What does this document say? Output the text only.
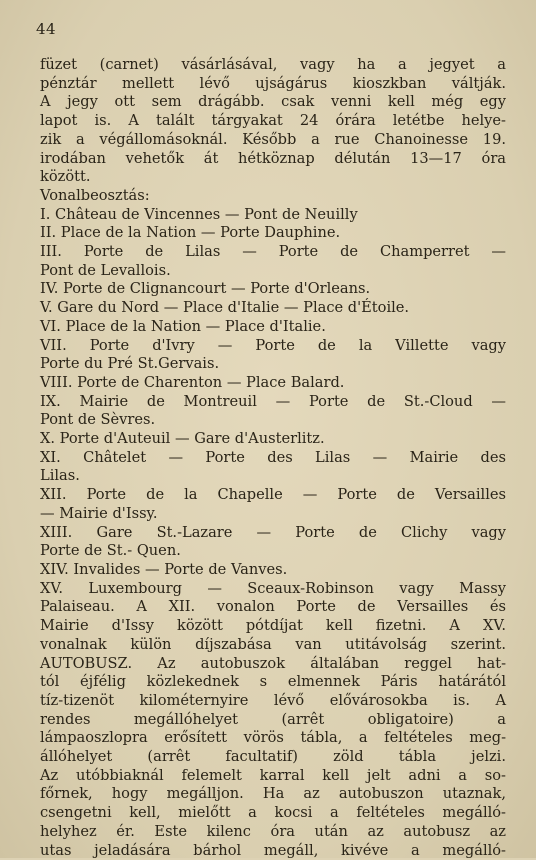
44
füzet (carnet) vásárlásával, vagy ha a jegyet a
pénztár mellett lévő ujságárus kioszkban váltják.
A jegy ott sem drágább. csak venni kell még egy
lapot is. A talált tárgyakat 24 órára letétbe helye-
zik a végállomásoknál. Később a rue Chanoinesse 19.
irodában vehetők át hétköznap délután 13—17 óra
között.
Vonalbeosztás:
I. Château de Vincennes — Pont de Neuilly
II. Place de la Nation — Porte Dauphine.
III. Porte de Lilas — Porte de Champerret —
Pont de Levallois.
IV. Porte de Clignancourt — Porte d'Orleans.
V. Gare du Nord — Place d'Italie — Place d'Étoile.
VI. Place de la Nation — Place d'Italie.
VII. Porte d'Ivry — Porte de la Villette vagy
Porte du Pré St.Gervais.
VIII. Porte de Charenton — Place Balard.
IX. Mairie de Montreuil — Porte de St.-Cloud —
Pont de Sèvres.
X. Porte d'Auteuil — Gare d'Austerlitz.
XI. Châtelet — Porte des Lilas — Mairie des
Lilas.
XII. Porte de la Chapelle — Porte de Versailles
— Mairie d'Issy.
XIII. Gare St.-Lazare — Porte de Clichy vagy
Porte de St.- Quen.
XIV. Invalides — Porte de Vanves.
XV. Luxembourg — Sceaux-Robinson vagy Massy
Palaiseau. A XII. vonalon Porte de Versailles és
Mairie d'Issy között pótdíjat kell fizetni. A XV.
vonalnak külön díjszabása van utitávolság szerint.
AUTOBUSZ. Az autobuszok általában reggel hat-
tól éjfélig közlekednek s elmennek Páris határától
tíz-tizenöt kilométernyire lévő elővárosokba is. A
rendes megállóhelyet (arrêt obligatoire) a
lámpaoszlopra erősített vörös tábla, a feltételes meg-
állóhelyet (arrêt facultatif) zöld tábla jelzi.
Az utóbbiaknál felemelt karral kell jelt adni a so-
főrnek, hogy megálljon. Ha az autobuszon utaznak,
csengetni kell, mielőtt a kocsi a feltételes megálló-
helyhez ér. Este kilenc óra után az autobusz az
utas jeladására bárhol megáll, kivéve a megálló-
